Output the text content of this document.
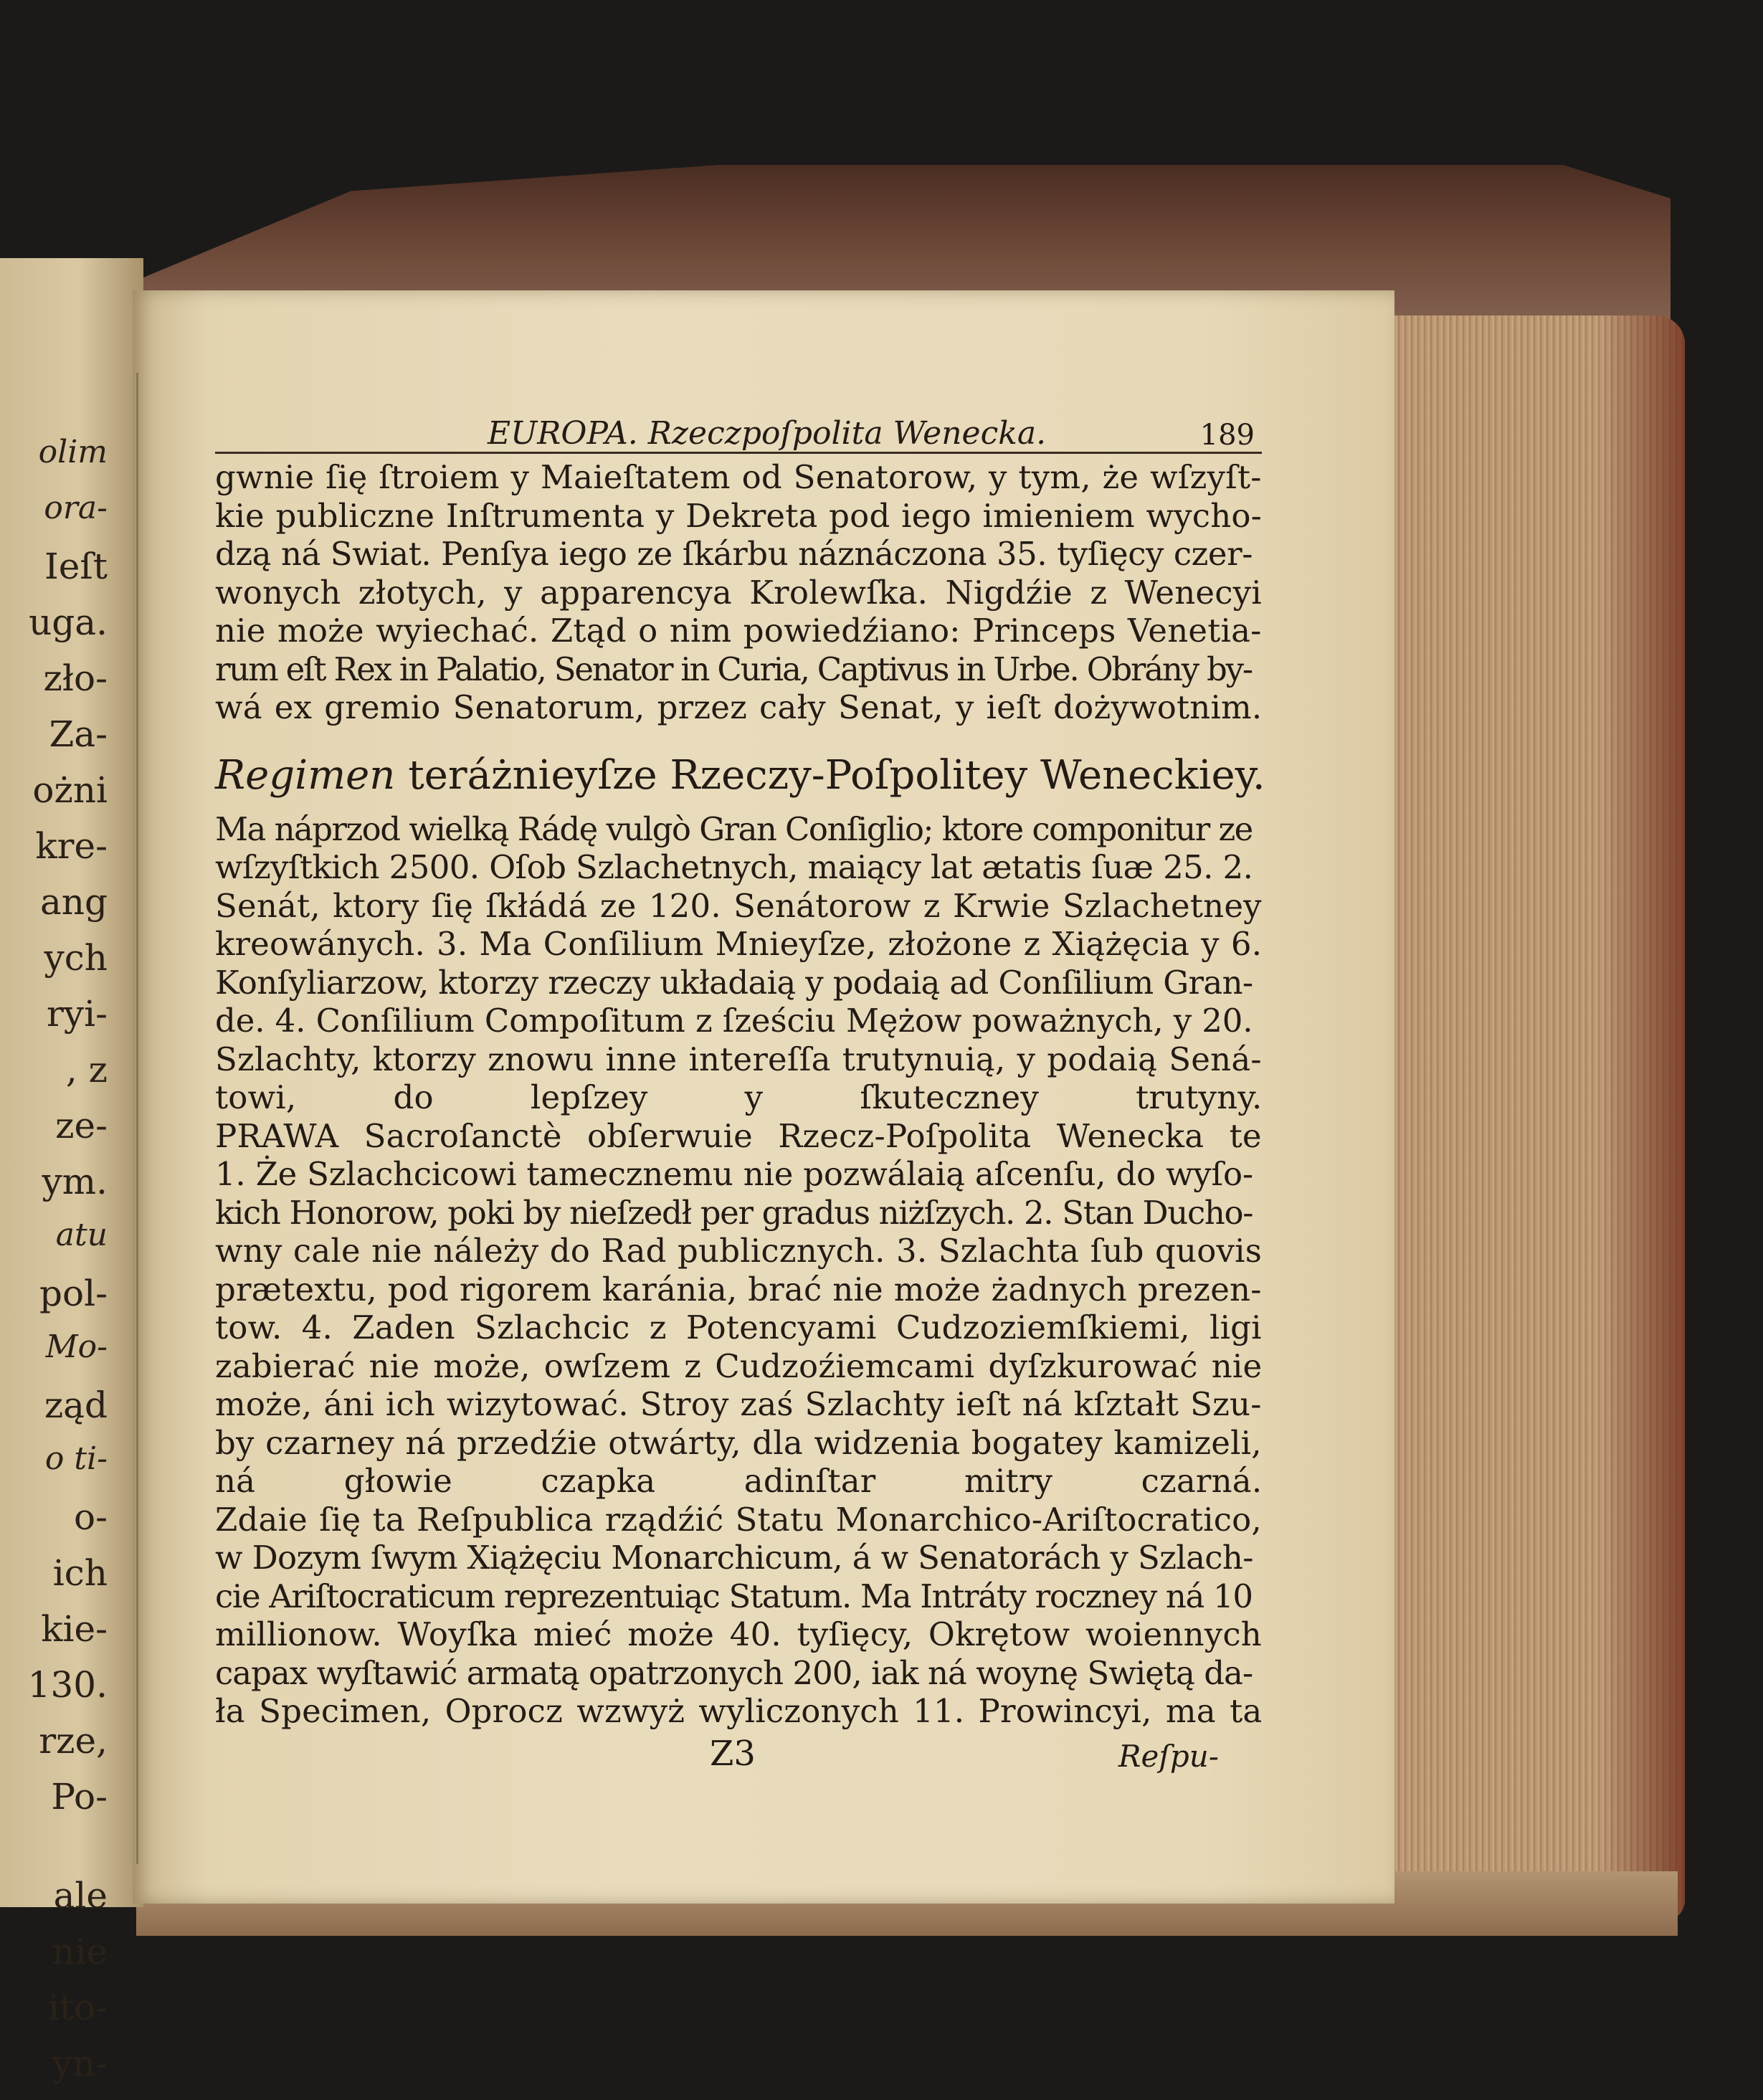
olim
ora-
Ieſt
uga.
zło-
Za-
ożni
kre-
ang
ych
ryi-
, z
ze-
ym.
atu
pol-
Mo-
ząd
o ti-
o-
ich
kie-
130.
rze,
Po-
ale
nie
ito-
yn-
EUROPA. Rzeczpoſpolita Wenecka.	189
gwnie ſię ſtroiem y Maieſtatem od Senatorow, y tym, że wſzyſt-
kie publiczne Inſtrumenta y Dekreta pod iego imieniem wycho-
dzą ná Swiat. Penſya iego ze ſkárbu náznáczona 35. tyſięcy czer-
wonych złotych, y apparencya Krolewſka. Nigdźie z Wenecyi
nie może wyiechać. Ztąd o nim powiedźiano: Princeps Venetia-
rum eſt Rex in Palatio, Senator in Curia, Captivus in Urbe. Obrány by-
wá ex gremio Senatorum, przez cały Senat, y ieſt dożywotnim.
Regimen teráżnieyſze Rzeczy-Poſpolitey Weneckiey.
Ma náprzod wielką Rádę vulgò Gran Conſiglio; ktore componitur ze
wſzyſtkich 2500. Oſob Szlachetnych, maiący lat ætatis ſuæ 25. 2.
Senát, ktory ſię ſkłádá ze 120. Senátorow z Krwie Szlachetney
kreowánych. 3. Ma Conſilium Mnieyſze, złożone z Xiążęcia y 6.
Konſyliarzow, ktorzy rzeczy układaią y podaią ad Conſilium Gran-
de. 4. Conſilium Compoſitum z ſześciu Mężow poważnych, y 20.
Szlachty, ktorzy znowu inne intereſſa trutynuią, y podaią Sená-
towi, do lepſzey y ſkuteczney trutyny.
PRAWA Sacroſanctè obſerwuie Rzecz-Poſpolita Wenecka te
1. Że Szlachcicowi tamecznemu nie pozwálaią aſcenſu, do wyſo-
kich Honorow, poki by nieſzedł per gradus niżſzych. 2. Stan Ducho-
wny cale nie náleży do Rad publicznych. 3. Szlachta ſub quovis
prætextu, pod rigorem karánia, brać nie może żadnych prezen-
tow. 4. Zaden Szlachcic z Potencyami Cudzoziemſkiemi, ligi
zabierać nie może, owſzem z Cudzoźiemcami dyſzkurować nie
może, áni ich wizytować. Stroy zaś Szlachty ieſt ná kſztałt Szu-
by czarney ná przedźie otwárty, dla widzenia bogatey kamizeli,
ná głowie czapka adinſtar mitry czarná.
Zdaie ſię ta Reſpublica rządźić Statu Monarchico-Ariſtocratico,
w Dozym ſwym Xiążęciu Monarchicum, á w Senatorách y Szlach-
cie Ariſtocraticum reprezentuiąc Statum. Ma Intráty roczney ná 10
millionow. Woyſka mieć może 40. tyſięcy, Okrętow woiennych
capax wyſtawić armatą opatrzonych 200, iak ná woynę Swiętą da-
ła Specimen, Oprocz wzwyż wyliczonych 11. Prowincyi, ma ta
Z3	Reſpu-
